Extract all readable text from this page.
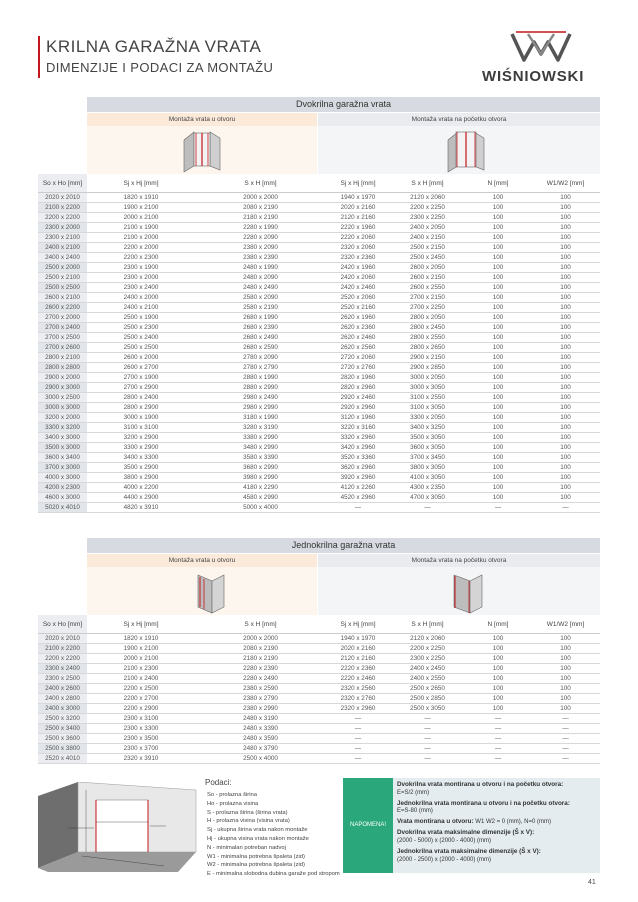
KRILNA GARAŽNA VRATA
DIMENZIJE I PODACI ZA MONTAŽU
WIŚNIOWSKI
Dvokrilna garažna vrata
Montaža vrata u otvoru	Montaža vrata na početku otvora
So x Ho [mm]	Sj x Hj [mm]	S x H [mm]	Sj x Hj [mm]	S x H [mm]	N [mm]	W1/W2 [mm]
2020 x 2010	1820 x 1910	2000 x 2000	1940 x 1970	2120 x 2060	100	100
2100 x 2200	1900 x 2100	2080 x 2190	2020 x 2160	2200 x 2250	100	100
2200 x 2200	2000 x 2100	2180 x 2190	2120 x 2160	2300 x 2250	100	100
2300 x 2000	2100 x 1900	2280 x 1990	2220 x 1960	2400 x 2050	100	100
2300 x 2100	2100 x 2000	2280 x 2090	2220 x 2060	2400 x 2150	100	100
2400 x 2100	2200 x 2000	2380 x 2090	2320 x 2060	2500 x 2150	100	100
2400 x 2400	2200 x 2300	2380 x 2390	2320 x 2360	2500 x 2450	100	100
2500 x 2000	2300 x 1900	2480 x 1990	2420 x 1960	2600 x 2050	100	100
2500 x 2100	2300 x 2000	2480 x 2090	2420 x 2060	2600 x 2150	100	100
2500 x 2500	2300 x 2400	2480 x 2490	2420 x 2460	2600 x 2550	100	100
2600 x 2100	2400 x 2000	2580 x 2090	2520 x 2060	2700 x 2150	100	100
2600 x 2200	2400 x 2100	2580 x 2190	2520 x 2160	2700 x 2250	100	100
2700 x 2000	2500 x 1900	2680 x 1990	2620 x 1960	2800 x 2050	100	100
2700 x 2400	2500 x 2300	2680 x 2390	2620 x 2360	2800 x 2450	100	100
2700 x 2500	2500 x 2400	2680 x 2490	2620 x 2460	2800 x 2550	100	100
2700 x 2600	2500 x 2500	2680 x 2590	2620 x 2560	2800 x 2650	100	100
2800 x 2100	2600 x 2000	2780 x 2090	2720 x 2060	2900 x 2150	100	100
2800 x 2800	2600 x 2700	2780 x 2790	2720 x 2760	2900 x 2850	100	100
2900 x 2000	2700 x 1900	2880 x 1990	2820 x 1960	3000 x 2050	100	100
2900 x 3000	2700 x 2900	2880 x 2990	2820 x 2960	3000 x 3050	100	100
3000 x 2500	2800 x 2400	2980 x 2490	2920 x 2460	3100 x 2550	100	100
3000 x 3000	2800 x 2900	2980 x 2990	2920 x 2960	3100 x 3050	100	100
3200 x 2000	3000 x 1900	3180 x 1990	3120 x 1960	3300 x 2050	100	100
3300 x 3200	3100 x 3100	3280 x 3190	3220 x 3160	3400 x 3250	100	100
3400 x 3000	3200 x 2900	3380 x 2990	3320 x 2960	3500 x 3050	100	100
3500 x 3000	3300 x 2900	3480 x 2990	3420 x 2960	3600 x 3050	100	100
3600 x 3400	3400 x 3300	3580 x 3390	3520 x 3360	3700 x 3450	100	100
3700 x 3000	3500 x 2900	3680 x 2990	3620 x 2960	3800 x 3050	100	100
4000 x 3000	3800 x 2900	3980 x 2990	3920 x 2960	4100 x 3050	100	100
4200 x 2300	4000 x 2200	4180 x 2290	4120 x 2260	4300 x 2350	100	100
4600 x 3000	4400 x 2900	4580 x 2990	4520 x 2960	4700 x 3050	100	100
5020 x 4010	4820 x 3910	5000 x 4000	—	—	—	—
Jednokrilna garažna vrata
Montaža vrata u otvoru	Montaža vrata na početku otvora
So x Ho [mm]	Sj x Hj [mm]	S x H [mm]	Sj x Hj [mm]	S x H [mm]	N [mm]	W1/W2 [mm]
2020 x 2010	1820 x 1910	2000 x 2000	1940 x 1970	2120 x 2060	100	100
2100 x 2200	1900 x 2100	2080 x 2190	2020 x 2160	2200 x 2250	100	100
2200 x 2200	2000 x 2100	2180 x 2190	2120 x 2160	2300 x 2250	100	100
2300 x 2400	2100 x 2300	2280 x 2390	2220 x 2360	2400 x 2450	100	100
2300 x 2500	2100 x 2400	2280 x 2490	2220 x 2460	2400 x 2550	100	100
2400 x 2600	2200 x 2500	2380 x 2590	2320 x 2560	2500 x 2650	100	100
2400 x 2800	2200 x 2700	2380 x 2790	2320 x 2760	2500 x 2850	100	100
2400 x 3000	2200 x 2900	2380 x 2990	2320 x 2960	2500 x 3050	100	100
2500 x 3200	2300 x 3100	2480 x 3190	—	—	—	—
2500 x 3400	2300 x 3300	2480 x 3390	—	—	—	—
2500 x 3600	2300 x 3500	2480 x 3590	—	—	—	—
2500 x 3800	2300 x 3700	2480 x 3790	—	—	—	—
2520 x 4010	2320 x 3910	2500 x 4000	—	—	—	—
Podaci:
So - prolazna širina
Ho - prolazna visina
S - prolazna širina (širina vrata)
H - prolazna visina (visina vrata)
Sj - ukupna širina vrata nakon montaže
Hj - ukupna visina vrata nakon montaže
N - minimalan potreban nadvoj
W1 - minimalna potrebna špaleta (zid)
W2 - minimalna potrebna špaleta (zid)
E - minimalna slobodna dubina garaže pod stropom
NAPOMENA!
Dvokrilna vrata montirana u otvoru i na početku otvora:
E=S/2 (mm)
Jednokrilna vrata montirana u otvoru i na početku otvora:
E=S-80 (mm)
Vrata montirana u otvoru: W1 W2 = 0 (mm), N=0 (mm)
Dvokrilna vrata maksimalne dimenzije (Š x V):
(2000 - 5000) x (2000 - 4000) (mm)
Jednokrilna vrata maksimalne dimenzije (Š x V):
(2000 - 2500) x (2000 - 4000) (mm)
41
